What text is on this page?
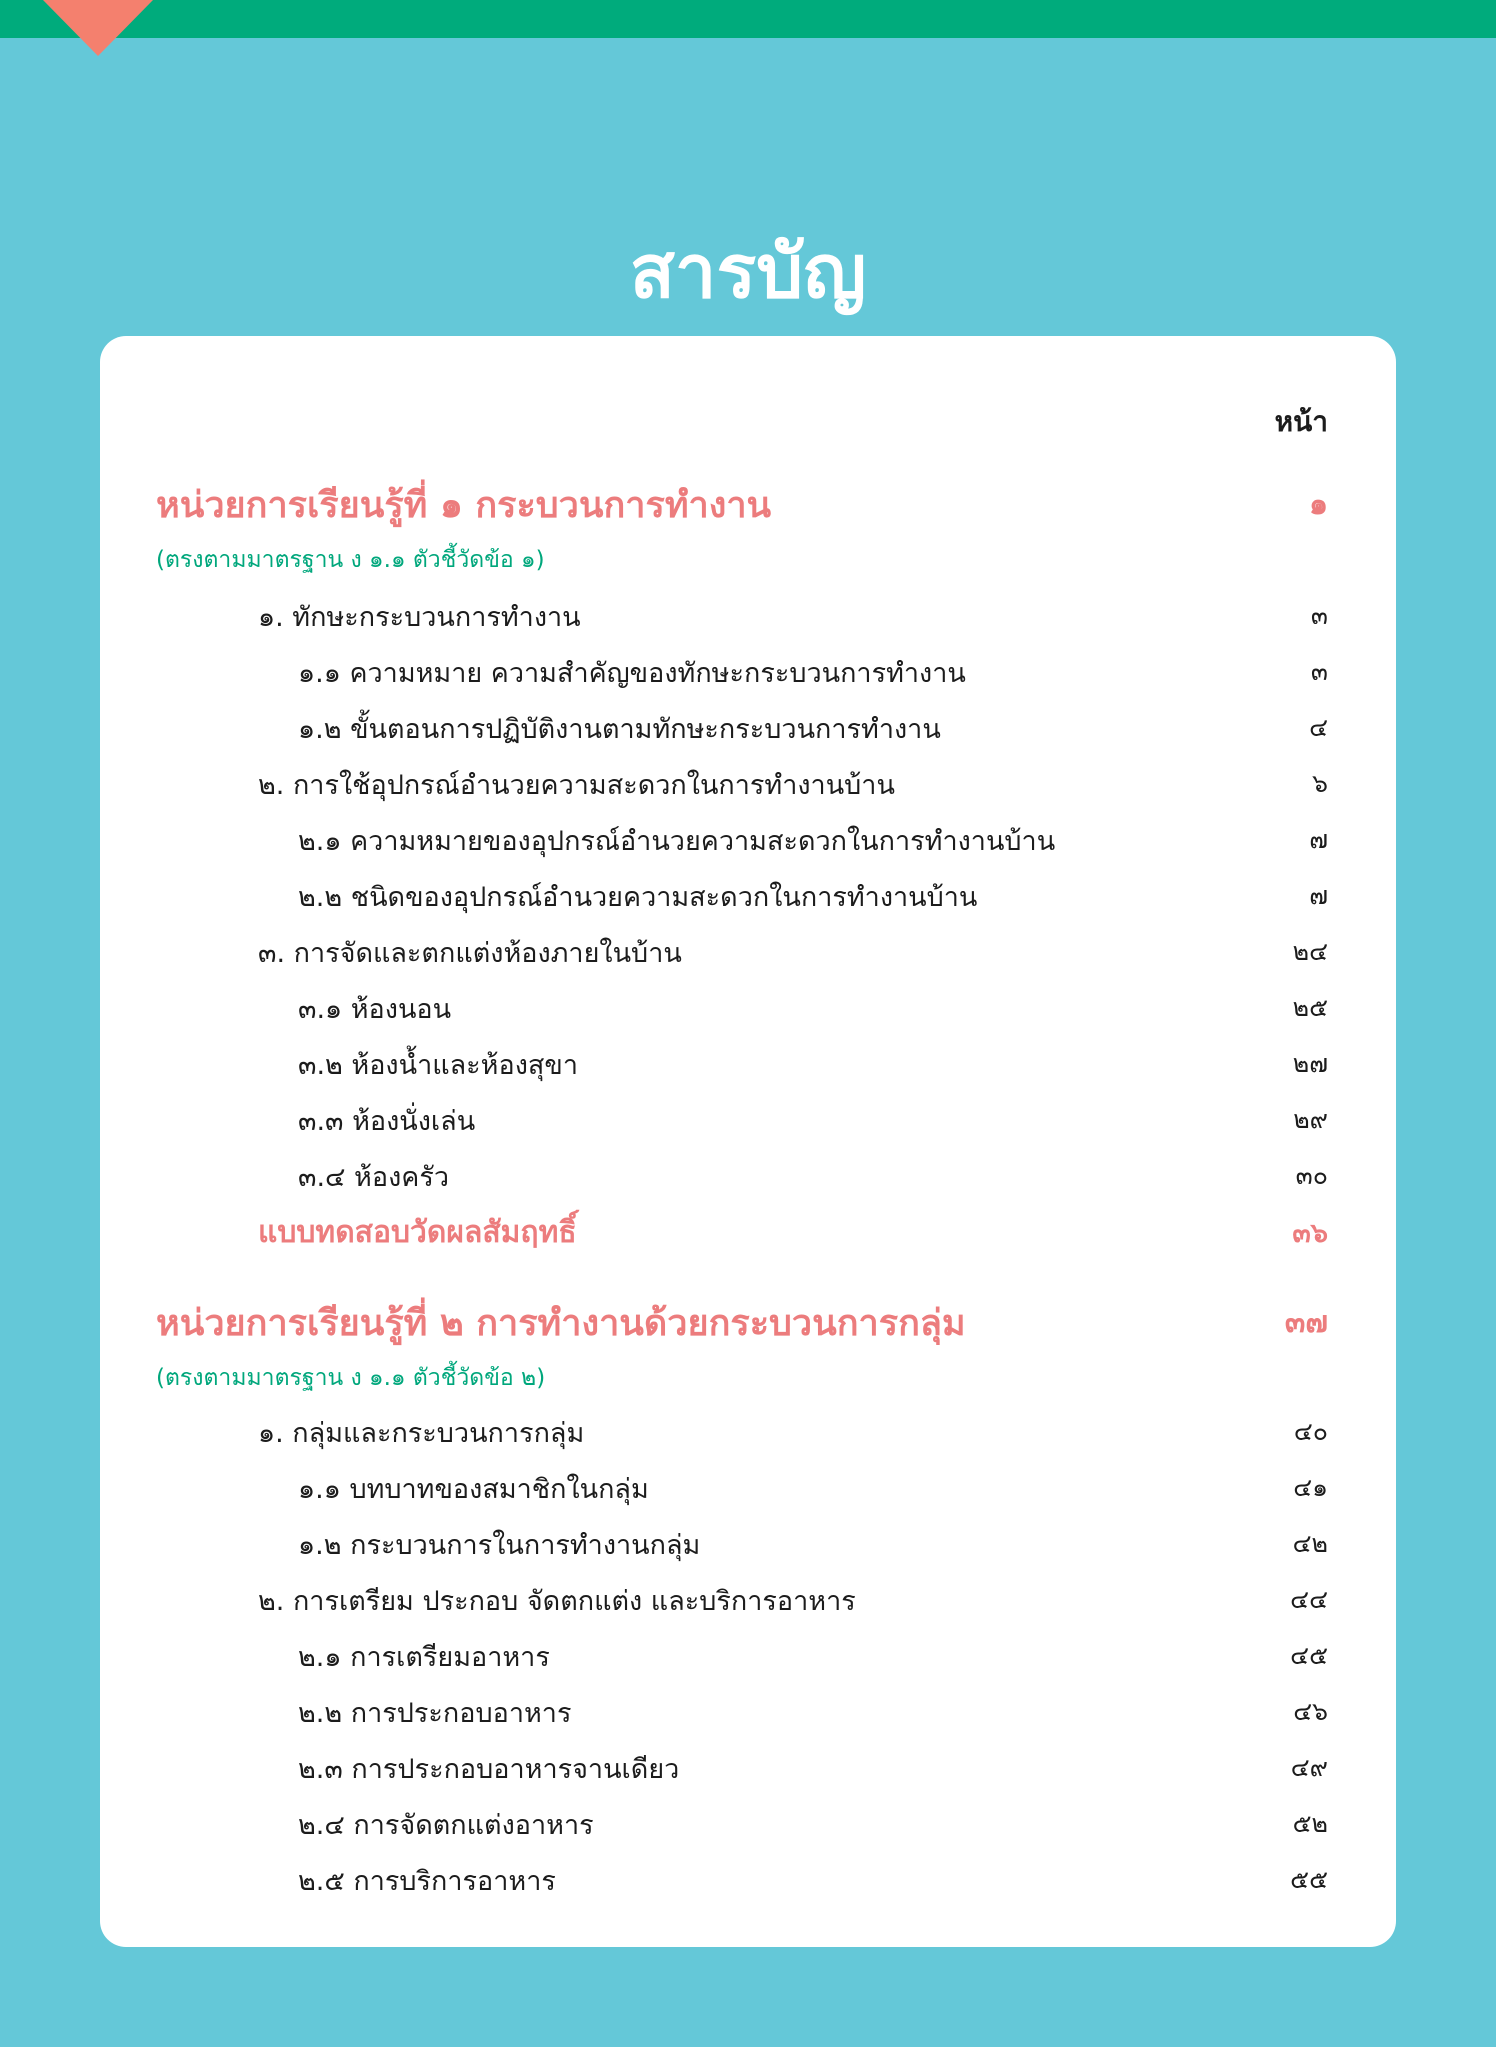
สารบัญ
หน้า
หน่วยการเรียนรู้ที่ ๑ กระบวนการทำงาน	๑
(ตรงตามมาตรฐาน ง ๑.๑ ตัวชี้วัดข้อ ๑)
๑. ทักษะกระบวนการทำงาน	๓
๑.๑ ความหมาย ความสำคัญของทักษะกระบวนการทำงาน	๓
๑.๒ ขั้นตอนการปฏิบัติงานตามทักษะกระบวนการทำงาน	๔
๒. การใช้อุปกรณ์อำนวยความสะดวกในการทำงานบ้าน	๖
๒.๑ ความหมายของอุปกรณ์อำนวยความสะดวกในการทำงานบ้าน	๗
๒.๒ ชนิดของอุปกรณ์อำนวยความสะดวกในการทำงานบ้าน	๗
๓. การจัดและตกแต่งห้องภายในบ้าน	๒๔
๓.๑ ห้องนอน	๒๕
๓.๒ ห้องน้ำและห้องสุขา	๒๗
๓.๓ ห้องนั่งเล่น	๒๙
๓.๔ ห้องครัว	๓๐
แบบทดสอบวัดผลสัมฤทธิ์	๓๖
หน่วยการเรียนรู้ที่ ๒ การทำงานด้วยกระบวนการกลุ่ม	๓๗
(ตรงตามมาตรฐาน ง ๑.๑ ตัวชี้วัดข้อ ๒)
๑. กลุ่มและกระบวนการกลุ่ม	๔๐
๑.๑ บทบาทของสมาชิกในกลุ่ม	๔๑
๑.๒ กระบวนการในการทำงานกลุ่ม	๔๒
๒. การเตรียม ประกอบ จัดตกแต่ง และบริการอาหาร	๔๔
๒.๑ การเตรียมอาหาร	๔๕
๒.๒ การประกอบอาหาร	๔๖
๒.๓ การประกอบอาหารจานเดียว	๔๙
๒.๔ การจัดตกแต่งอาหาร	๕๒
๒.๕ การบริการอาหาร	๕๕
